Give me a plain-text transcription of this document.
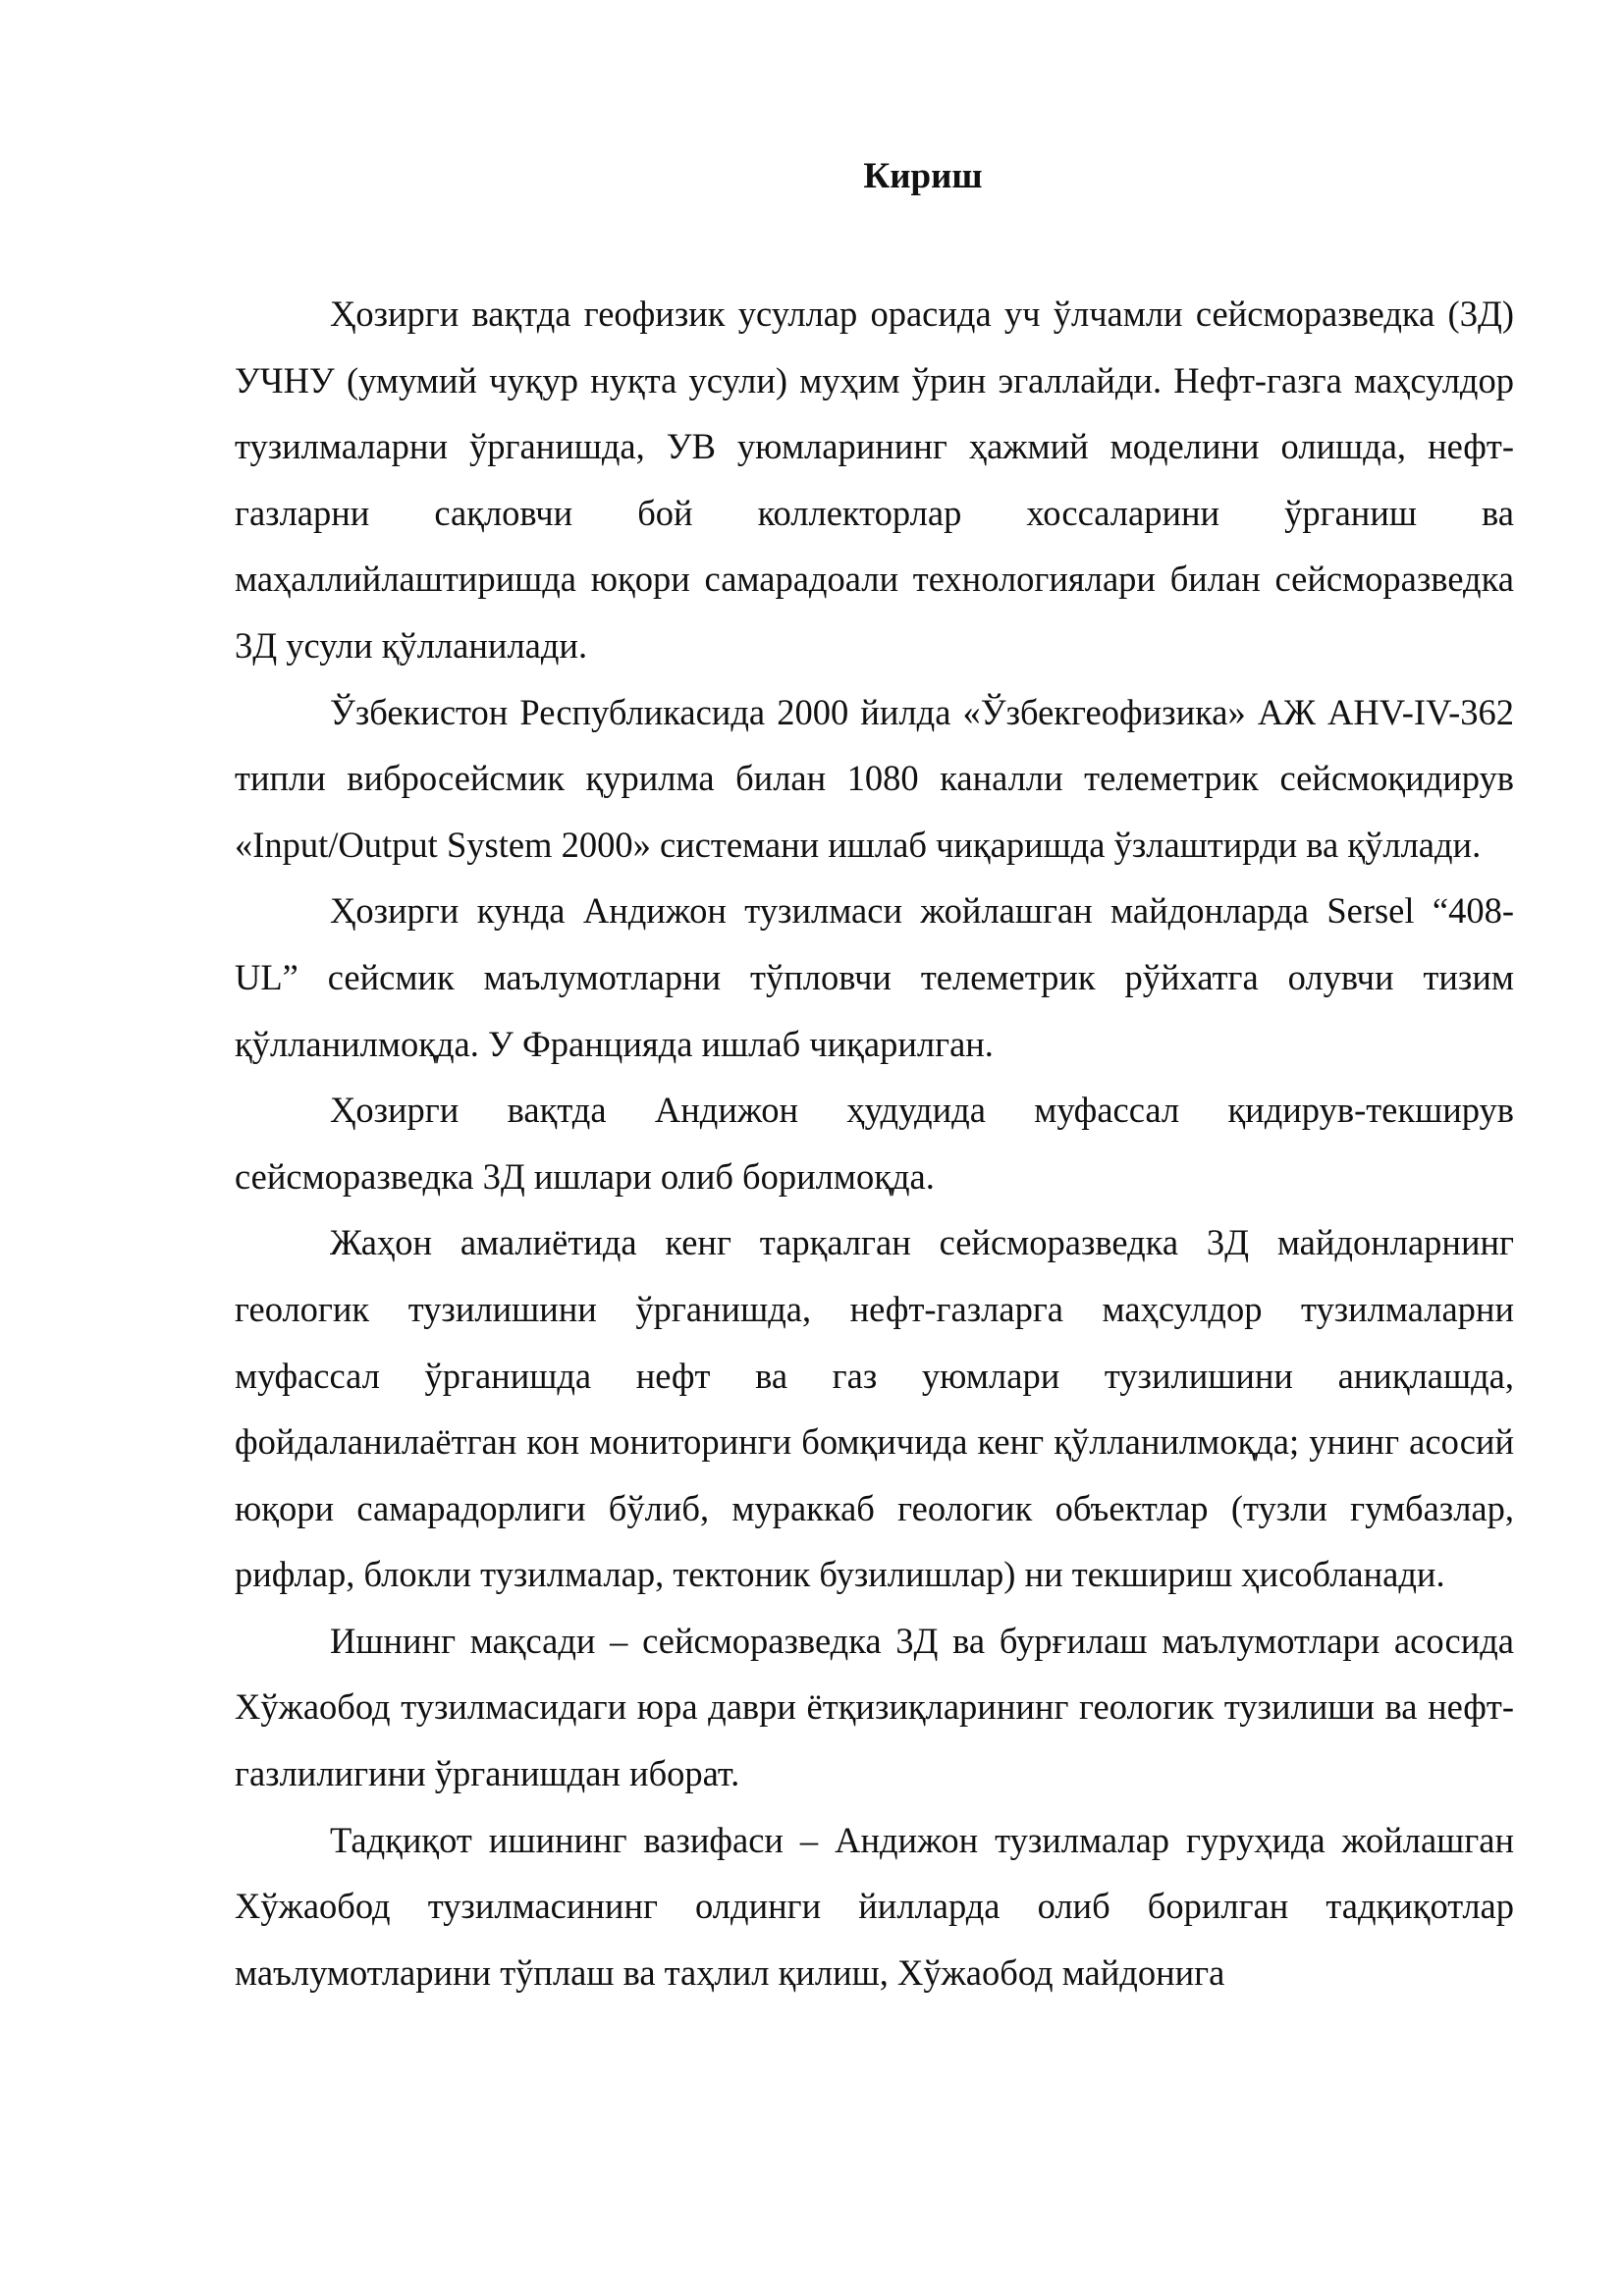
Кириш

Ҳозирги вақтда геофизик усуллар орасида уч ўлчамли сейсморазведка (3Д) УЧНУ (умумий чуқур нуқта усули) муҳим ўрин эгаллайди. Нефт-газга маҳсулдор тузилмаларни ўрганишда, УВ уюмларининг ҳажмий моделини олишда, нефт-газларни сақловчи бой коллекторлар хоссаларини ўрганиш ва маҳаллийлаштиришда юқори самарадоали технологиялари билан сейсморазведка 3Д усули қўлланилади.

Ўзбекистон Республикасида 2000 йилда «Ўзбекгеофизика» АЖ AHV-IV-362 типли вибросейсмик қурилма билан 1080 каналли телеметрик сейсмоқидирув «Input/Output System 2000» системани ишлаб чиқаришда ўзлаштирди ва қўллади.

Ҳозирги кунда Андижон тузилмаси жойлашган майдонларда Sersel “408-UL” сейсмик маълумотларни тўпловчи телеметрик рўйхатга олувчи тизим қўлланилмоқда. У Францияда ишлаб чиқарилган.

Ҳозирги вақтда Андижон ҳудудида муфассал қидирув-текширув сейсморазведка 3Д ишлари олиб борилмоқда.

Жаҳон амалиётида кенг тарқалган сейсморазведка 3Д майдонларнинг геологик тузилишини ўрганишда, нефт-газларга маҳсулдор тузилмаларни муфассал ўрганишда нефт ва газ уюмлари тузилишини аниқлашда, фойдаланилаётган кон мониторинги бомқичида кенг қўлланилмоқда; унинг асосий юқори самарадорлиги бўлиб, мураккаб геологик объектлар (тузли гумбазлар, рифлар, блокли тузилмалар, тектоник бузилишлар) ни текшириш ҳисобланади.

Ишнинг мақсади – сейсморазведка 3Д ва бурғилаш маълумотлари асосида Хўжаобод тузилмасидаги юра даври ётқизиқларининг геологик тузилиши ва нефт-газлилигини ўрганишдан иборат.

Тадқиқот ишининг вазифаси – Андижон тузилмалар гуруҳида жойлашган Хўжаобод тузилмасининг олдинги йилларда олиб борилган тадқиқотлар маълумотларини тўплаш ва таҳлил қилиш, Хўжаобод майдонига
